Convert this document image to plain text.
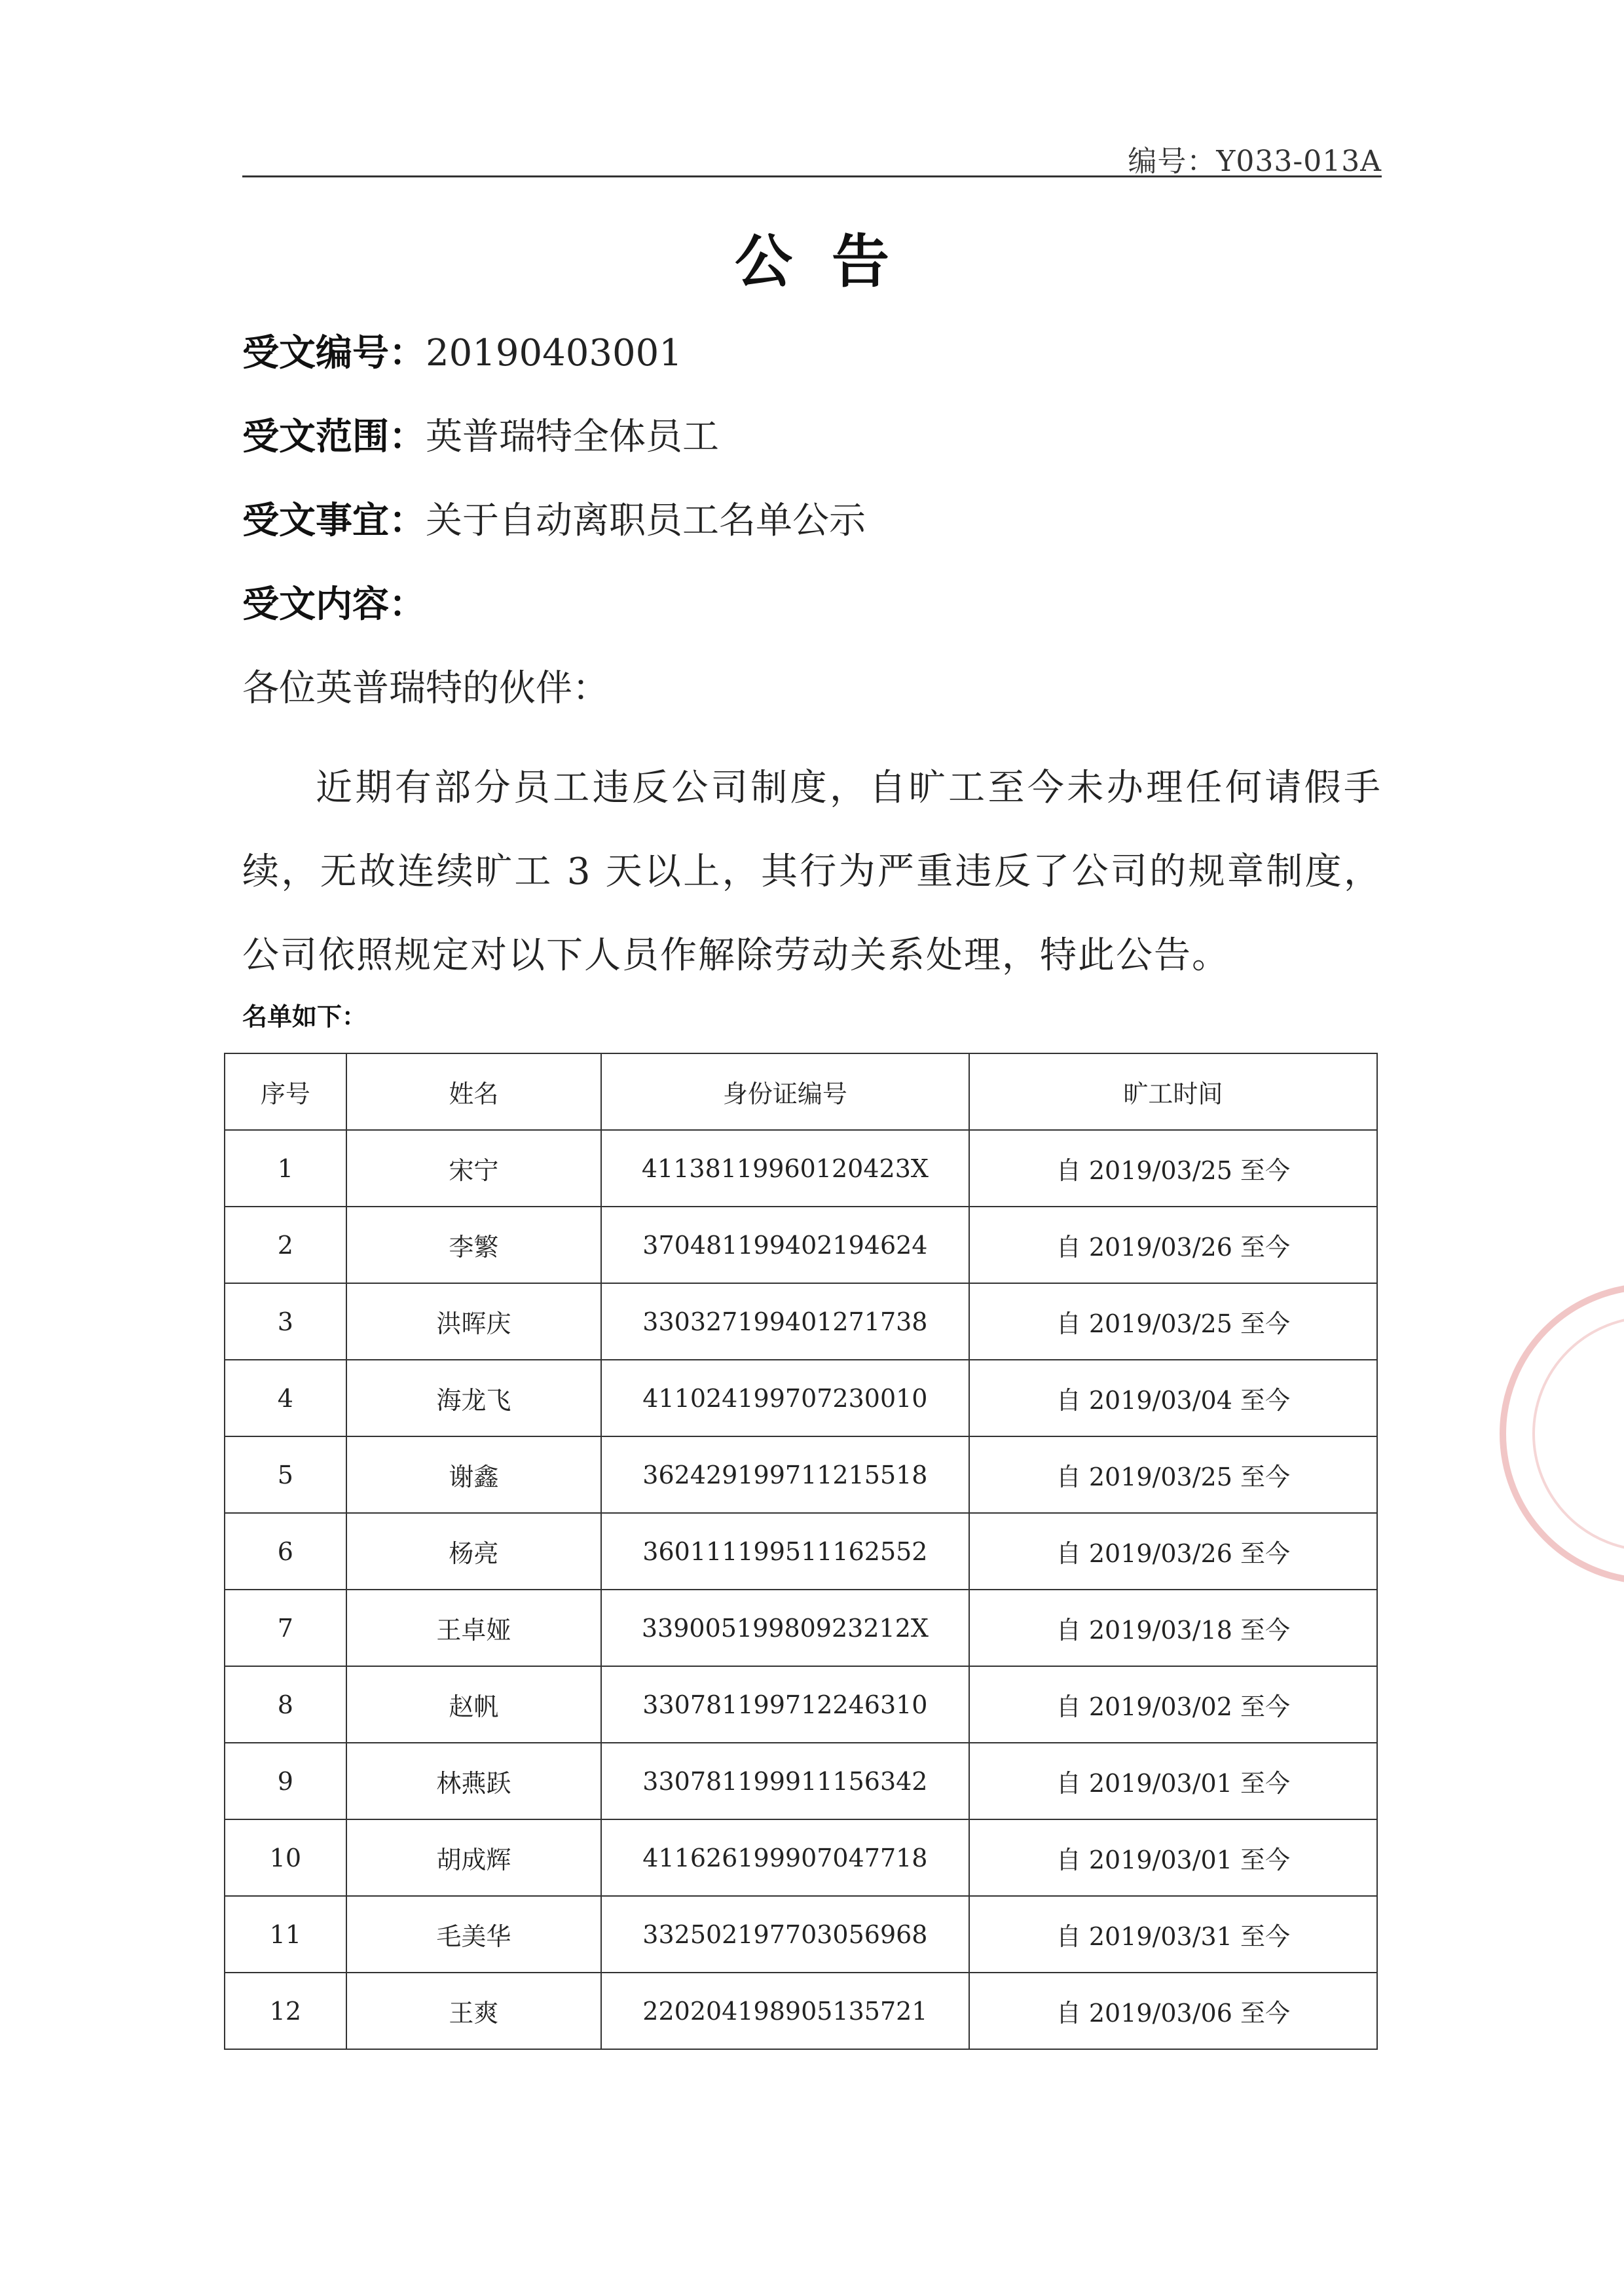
编号：Y033-013A
公告
受文编号：20190403001
受文范围：英普瑞特全体员工
受文事宜：关于自动离职员工名单公示
受文内容：
各位英普瑞特的伙伴：
近期有部分员工违反公司制度，自旷工至今未办理任何请假手续，无故连续旷工 3 天以上，其行为严重违反了公司的规章制度，公司依照规定对以下人员作解除劳动关系处理，特此公告。
名单如下：
序号	姓名	身份证编号	旷工时间
1	宋宁	41138119960120423X	自 2019/03/25 至今
2	李繁	370481199402194624	自 2019/03/26 至今
3	洪晖庆	330327199401271738	自 2019/03/25 至今
4	海龙飞	411024199707230010	自 2019/03/04 至今
5	谢鑫	362429199711215518	自 2019/03/25 至今
6	杨亮	360111199511162552	自 2019/03/26 至今
7	王卓娅	33900519980923212X	自 2019/03/18 至今
8	赵帆	330781199712246310	自 2019/03/02 至今
9	林燕跃	330781199911156342	自 2019/03/01 至今
10	胡成辉	411626199907047718	自 2019/03/01 至今
11	毛美华	332502197703056968	自 2019/03/31 至今
12	王爽	220204198905135721	自 2019/03/06 至今
